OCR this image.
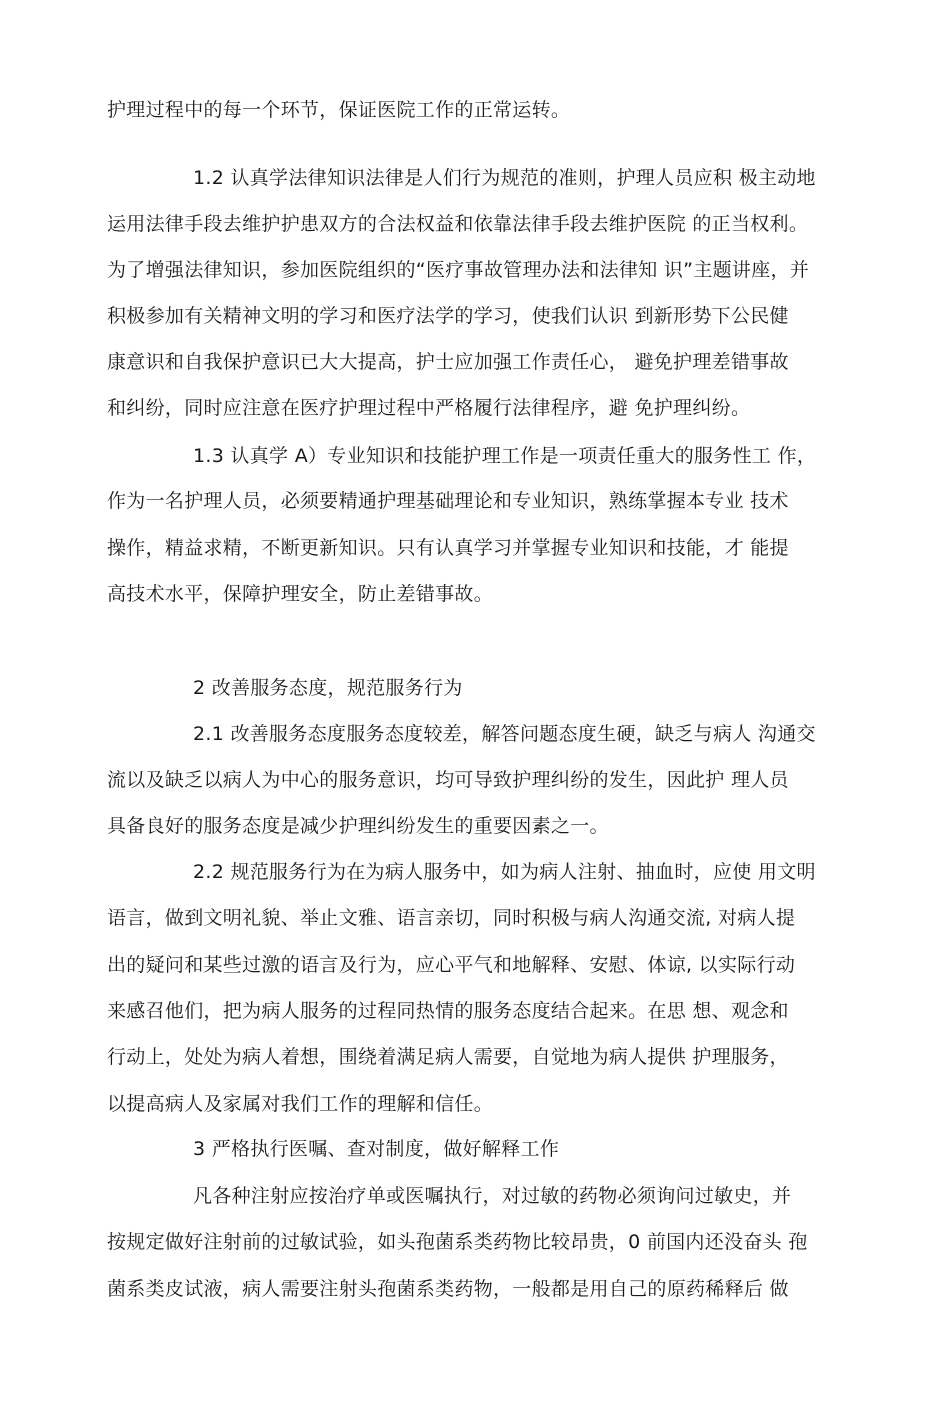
护理过程中的每一个环节，保证医院工作的正常运转。

1.2 认真学法律知识法律是人们行为规范的准则，护理人员应积 极主动地

运用法律手段去维护护患双方的合法权益和依靠法律手段去维护医院 的正当权利。

为了增强法律知识，参加医院组织的“医疗事故管理办法和法律知 识”主题讲座，并

积极参加有关精神文明的学习和医疗法学的学习，使我们认识 到新形势下公民健

康意识和自我保护意识已大大提高，护士应加强工作责任心， 避免护理差错事故

和纠纷，同时应注意在医疗护理过程中严格履行法律程序，避 免护理纠纷。

1.3 认真学 A）专业知识和技能护理工作是一项责任重大的服务性工 作，

作为一名护理人员，必须要精通护理基础理论和专业知识，熟练掌握本专业 技术

操作，精益求精，不断更新知识。只有认真学习并掌握专业知识和技能，才 能提

高技术水平，保障护理安全，防止差错事故。

2 改善服务态度，规范服务行为

2.1 改善服务态度服务态度较差，解答问题态度生硬，缺乏与病人 沟通交

流以及缺乏以病人为中心的服务意识，均可导致护理纠纷的发生，因此护 理人员

具备良好的服务态度是减少护理纠纷发生的重要因素之一。

2.2 规范服务行为在为病人服务中，如为病人注射、抽血时，应使 用文明

语言，做到文明礼貌、举止文雅、语言亲切，同时积极与病人沟通交流, 对病人提

出的疑问和某些过激的语言及行为，应心平气和地解释、安慰、体谅, 以实际行动

来感召他们，把为病人服务的过程同热情的服务态度结合起来。在思 想、观念和

行动上，处处为病人着想，围绕着满足病人需要，自觉地为病人提供 护理服务，

以提高病人及家属对我们工作的理解和信任。

3 严格执行医嘱、查对制度，做好解释工作

凡各种注射应按治疗单或医嘱执行，对过敏的药物必须询问过敏史，并

按规定做好注射前的过敏试验，如头孢菌系类药物比较昂贵，0 前国内还没奋头 孢

菌系类皮试液，病人需要注射头孢菌系类药物，一般都是用自己的原药稀释后 做
